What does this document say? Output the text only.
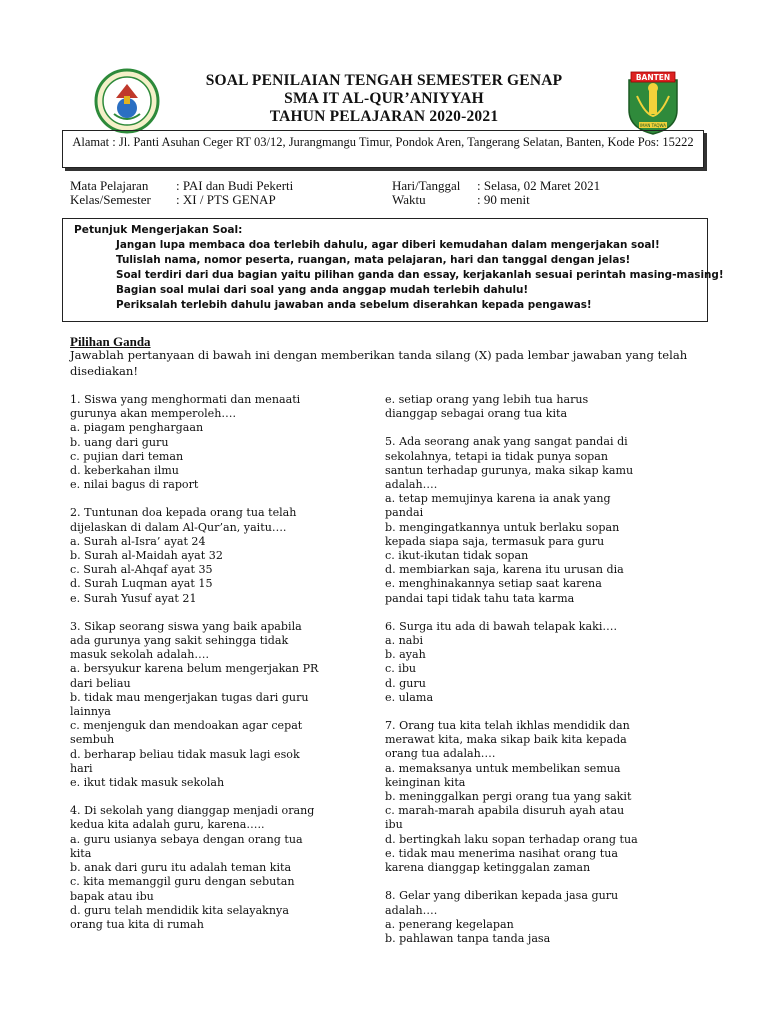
BANTEN
IMAN TAQWA
SOAL PENILAIAN TENGAH SEMESTER GENAP
SMA IT AL-QUR’ANIYYAH
TAHUN PELAJARAN 2020-2021
Alamat : Jl. Panti Asuhan Ceger RT 03/12, Jurangmangu Timur, Pondok Aren, Tangerang Selatan, Banten, Kode Pos: 15222
Mata Pelajaran : PAI dan Budi Pekerti
Kelas/Semester : XI / PTS GENAP
Hari/Tanggal : Selasa, 02 Maret 2021
Waktu	: 90 menit
Petunjuk Mengerjakan Soal:
Jangan lupa membaca doa terlebih dahulu, agar diberi kemudahan dalam mengerjakan soal!
Tulislah nama, nomor peserta, ruangan, mata pelajaran, hari dan tanggal dengan jelas!
Soal terdiri dari dua bagian yaitu pilihan ganda dan essay, kerjakanlah sesuai perintah masing-masing!
Bagian soal mulai dari soal yang anda anggap mudah terlebih dahulu!
Periksalah terlebih dahulu jawaban anda sebelum diserahkan kepada pengawas!
Pilihan Ganda
Jawablah pertanyaan di bawah ini dengan memberikan tanda silang (X) pada lembar jawaban yang telah disediakan!

1. Siswa yang menghormati dan menaati
gurunya akan memperoleh….

a. piagam penghargaan

b. uang dari guru

c. pujian dari teman

d. keberkahan ilmu

e. nilai bagus di raport

2. Tuntunan doa kepada orang tua telah
dijelaskan di dalam Al-Qur’an, yaitu….

a. Surah al-Isra’ ayat 24

b. Surah al-Maidah ayat 32

c. Surah al-Ahqaf ayat 35

d. Surah Luqman ayat 15

e. Surah Yusuf ayat 21

3. Sikap seorang siswa yang baik apabila
ada gurunya yang sakit sehingga tidak
masuk sekolah adalah….

a. bersyukur karena belum mengerjakan PR
dari beliau

b. tidak mau mengerjakan tugas dari guru
lainnya

c. menjenguk dan mendoakan agar cepat
sembuh

d. berharap beliau tidak masuk lagi esok
hari

e. ikut tidak masuk sekolah

4. Di sekolah yang dianggap menjadi orang
kedua kita adalah guru, karena…..

a. guru usianya sebaya dengan orang tua
kita

b. anak dari guru itu adalah teman kita

c. kita memanggil guru dengan sebutan
bapak atau ibu

d. guru telah mendidik kita selayaknya
orang tua kita di rumah

e. setiap orang yang lebih tua harus
dianggap sebagai orang tua kita

5. Ada seorang anak yang sangat pandai di
sekolahnya, tetapi ia tidak punya sopan
santun terhadap gurunya, maka sikap kamu
adalah….

a. tetap memujinya karena ia anak yang
pandai

b. mengingatkannya untuk berlaku sopan
kepada siapa saja, termasuk para guru

c. ikut-ikutan tidak sopan

d. membiarkan saja, karena itu urusan dia

e. menghinakannya setiap saat karena
pandai tapi tidak tahu tata karma

6. Surga itu ada di bawah telapak kaki….

a. nabi

b. ayah

c. ibu

d. guru

e. ulama

7. Orang tua kita telah ikhlas mendidik dan
merawat kita, maka sikap baik kita kepada
orang tua adalah….

a. memaksanya untuk membelikan semua
keinginan kita

b. meninggalkan pergi orang tua yang sakit

c. marah-marah apabila disuruh ayah atau
ibu

d. bertingkah laku sopan terhadap orang tua

e. tidak mau menerima nasihat orang tua
karena dianggap ketinggalan zaman

8. Gelar yang diberikan kepada jasa guru
adalah….

a. penerang kegelapan

b. pahlawan tanpa tanda jasa
